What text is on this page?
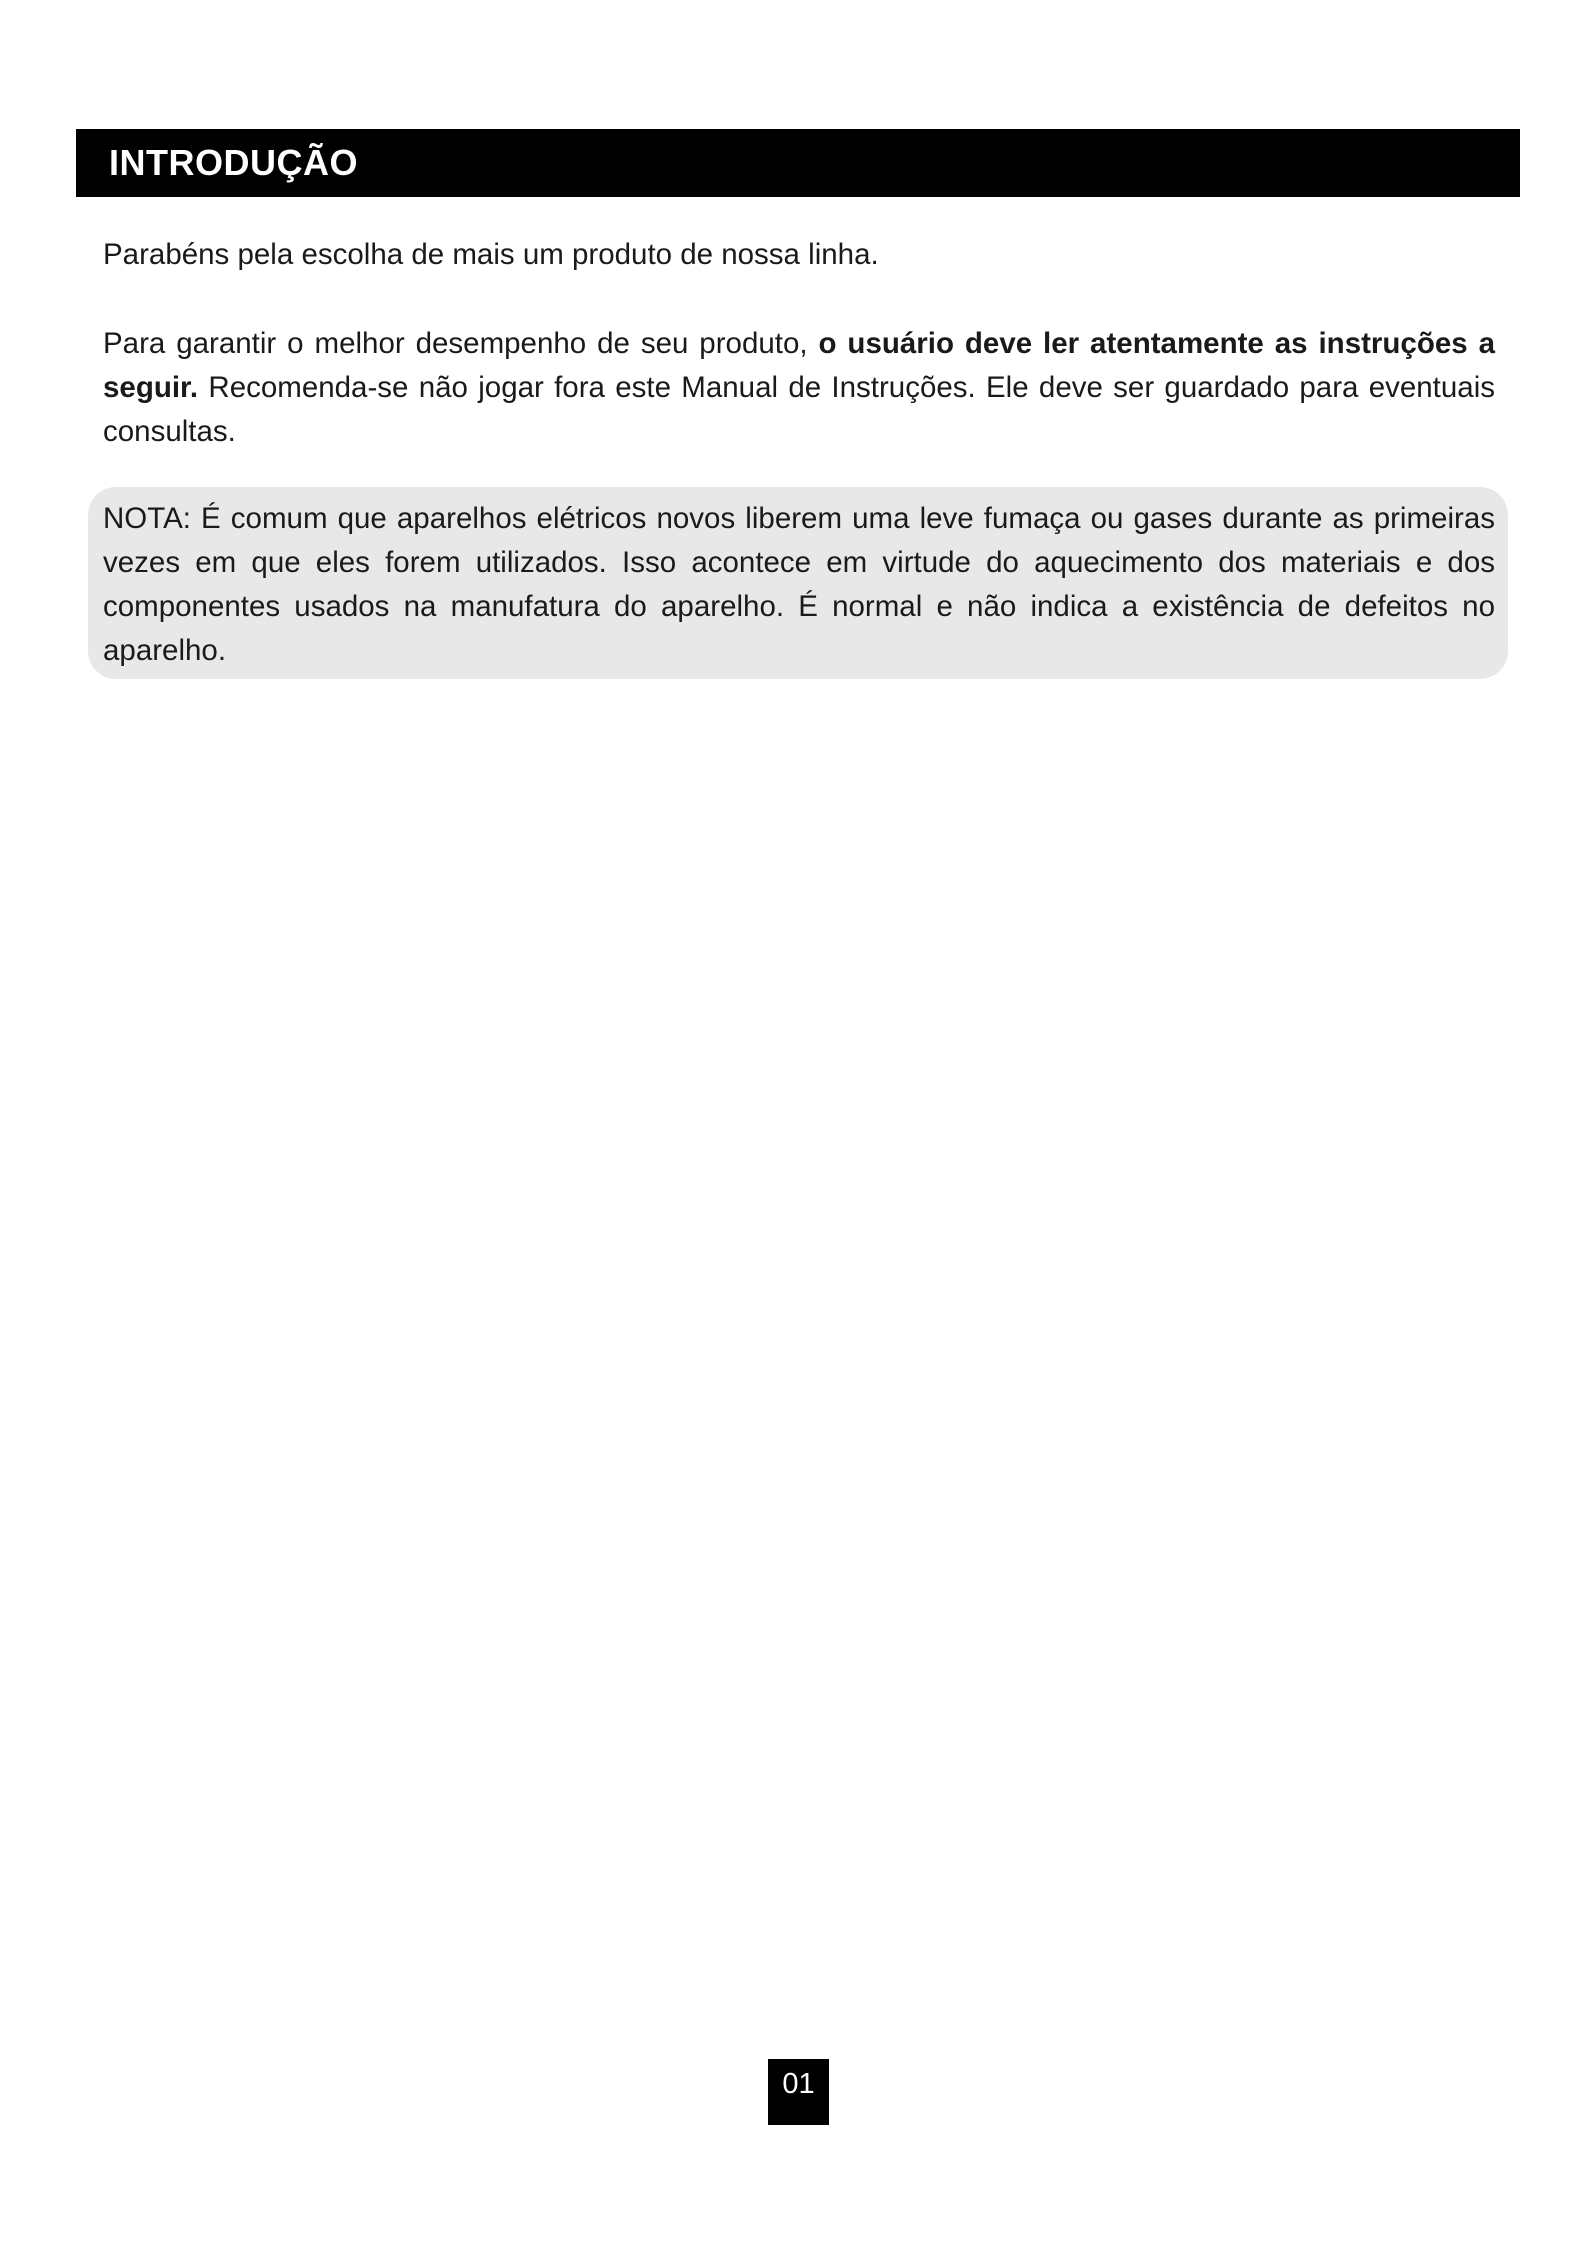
INTRODUÇÃO

Parabéns pela escolha de mais um produto de nossa linha.

Para garantir o melhor desempenho de seu produto, o usuário deve ler atentamente as instruções a seguir. Recomenda-se não jogar fora este Manual de Instruções. Ele deve ser guardado para eventuais consultas.

NOTA: É comum que aparelhos elétricos novos liberem uma leve fumaça ou gases durante as primeiras vezes em que eles forem utilizados. Isso acontece em virtude do aquecimento dos materiais e dos componentes usados na manufatura do aparelho. É normal e não indica a existência de defeitos no aparelho.

01
